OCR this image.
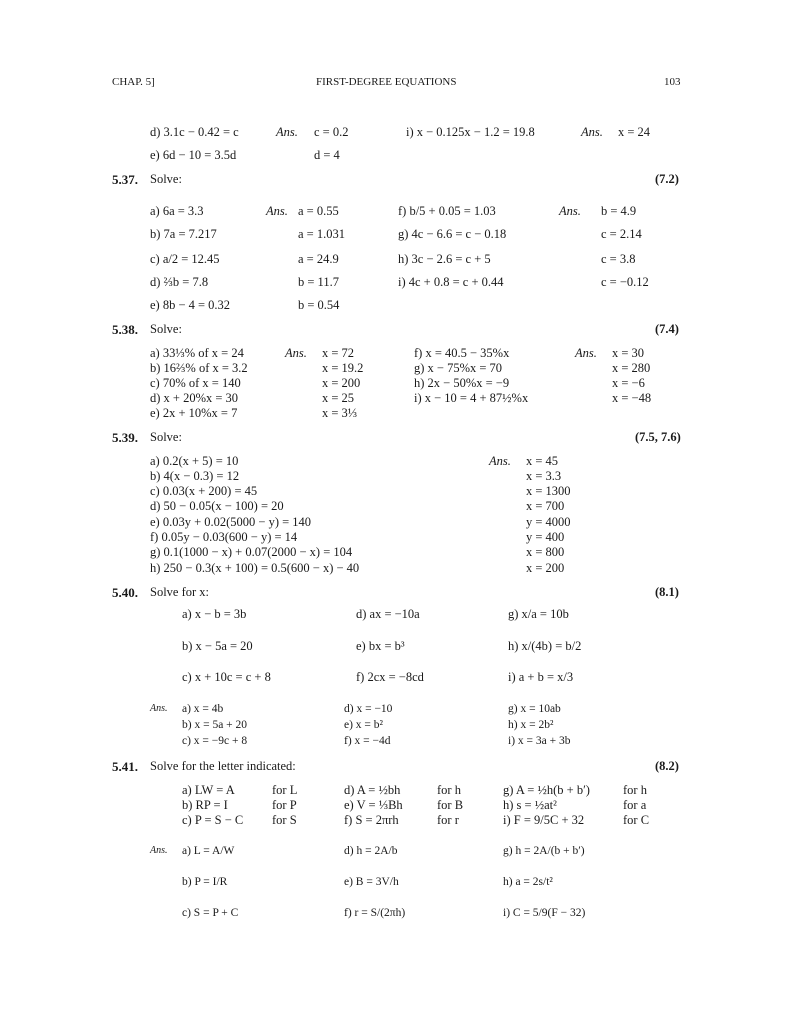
CHAP. 5]	FIRST-DEGREE EQUATIONS	103
d) 3.1c − 0.42 = c	Ans. c = 0.2
e) 6d − 10 = 3.5d	d = 4
i) x − 0.125x − 1.2 = 19.8	Ans. x = 24
5.37. Solve:	(7.2)
Ans.	Ans.
a) 6a = 3.3	a = 0.55
b) 7a = 7.217	a = 1.031
c) a/2 = 12.45	a = 24.9
d) ⅔b = 7.8	b = 11.7
e) 8b − 4 = 0.32	b = 0.54
f) b/5 + 0.05 = 1.03	b = 4.9
g) 4c − 6.6 = c − 0.18	c = 2.14
h) 3c − 2.6 = c + 5	c = 3.8
i) 4c + 0.8 = c + 0.44	c = −0.12
5.38. Solve:	(7.4)
Ans.	Ans.
a) 33⅓% of x = 24	x = 72
b) 16⅔% of x = 3.2	x = 19.2
c) 70% of x = 140	x = 200
d) x + 20%x = 30	x = 25
e) 2x + 10%x = 7	x = 3⅓
f) x = 40.5 − 35%x	x = 30
g) x − 75%x = 70	x = 280
h) 2x − 50%x = −9	x = −6
i) x − 10 = 4 + 87½%x	x = −48
5.39. Solve:	(7.5, 7.6)
Ans.
a) 0.2(x + 5) = 10	x = 45
b) 4(x − 0.3) = 12	x = 3.3
c) 0.03(x + 200) = 45	x = 1300
d) 50 − 0.05(x − 100) = 20	x = 700
e) 0.03y + 0.02(5000 − y) = 140	y = 4000
f) 0.05y − 0.03(600 − y) = 14	y = 400
g) 0.1(1000 − x) + 0.07(2000 − x) = 104	x = 800
h) 250 − 0.3(x + 100) = 0.5(600 − x) − 40	x = 200
5.40. Solve for x:	(8.1)
a) x − b = 3b
b) x − 5a = 20
c) x + 10c = c + 8
d) ax = −10a
e) bx = b³
f) 2cx = −8cd
g) x/a = 10b
h) x/(4b) = b/2
i) a + b = x/3
Ans. a) x = 4b
b) x = 5a + 20
c) x = −9c + 8
d) x = −10
e) x = b²
f) x = −4d
g) x = 10ab
h) x = 2b²
i) x = 3a + 3b
5.41. Solve for the letter indicated:	(8.2)
a) LW = A	for L
b) RP = I	for P
c) P = S − C for S
d) A = ½bh	for h
e) V = ⅓Bh	for B
f) S = 2πrh	for r
g) A = ½h(b + b′)	for h
h) s = ½at²	for a
i) F = 9/5C + 32	for C
Ans. a) L = A/W
b) P = I/R
c) S = P + C
d) h = 2A/b
e) B = 3V/h
f) r = S/(2πh)
g) h = 2A/(b + b′)
h) a = 2s/t²
i) C = 5/9(F − 32)
